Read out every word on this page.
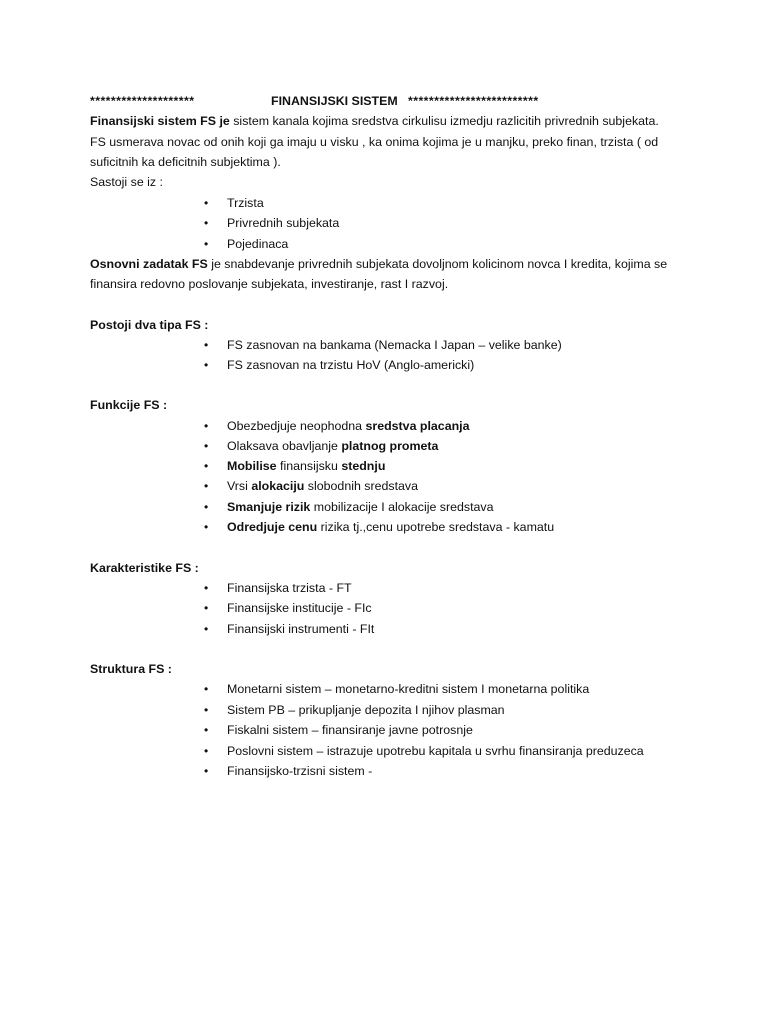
********************	FINANSIJSKI SISTEM *************************
Finansijski sistem FS je sistem kanala kojima sredstva cirkulisu izmedju razlicitih privrednih subjekata.
FS usmerava novac od onih koji ga imaju u visku , ka onima kojima je u manjku, preko finan, trzista ( od
suficitnih ka deficitnih subjektima ).
Sastoji se iz :
•	Trzista
•	Privrednih subjekata
•	Pojedinaca
Osnovni zadatak FS je snabdevanje privrednih subjekata dovoljnom kolicinom novca I kredita, kojima se
finansira redovno poslovanje subjekata, investiranje, rast I razvoj.
Postoji dva tipa FS :
•	FS zasnovan na bankama (Nemacka I Japan – velike banke)
•	FS zasnovan na trzistu HoV (Anglo-americki)
Funkcije FS :
•	Obezbedjuje neophodna sredstva placanja
•	Olaksava obavljanje platnog prometa
•	Mobilise finansijsku stednju
•	Vrsi alokaciju slobodnih sredstava
•	Smanjuje rizik mobilizacije I alokacije sredstava
•	Odredjuje cenu rizika tj.,cenu upotrebe sredstava - kamatu
Karakteristike FS :
•	Finansijska trzista - FT
•	Finansijske institucije - FIc
•	Finansijski instrumenti - FIt
Struktura FS :
•	Monetarni sistem – monetarno-kreditni sistem I monetarna politika
•	Sistem PB – prikupljanje depozita I njihov plasman
•	Fiskalni sistem – finansiranje javne potrosnje
•	Poslovni sistem – istrazuje upotrebu kapitala u svrhu finansiranja preduzeca
•	Finansijsko-trzisni sistem -
